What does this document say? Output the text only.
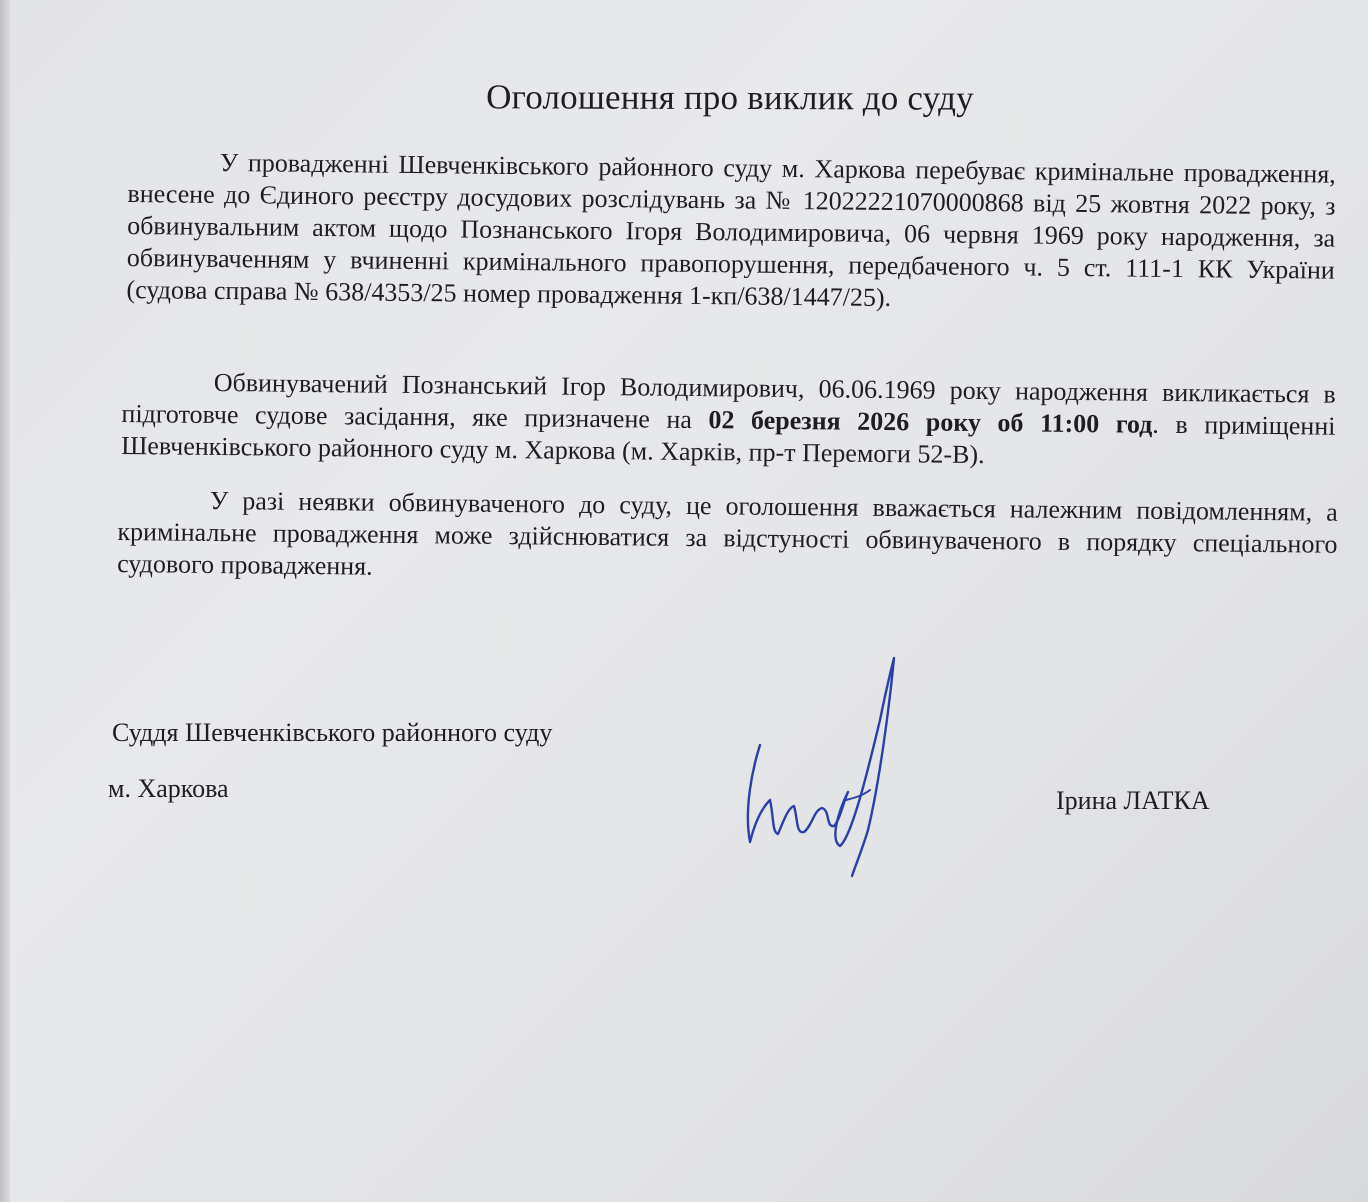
Оголошення про виклик до суду
У провадженні Шевченківського районного суду м. Харкова перебуває кримінальне провадження, внесене до Єдиного реєстру досудових розслідувань за № 12022221070000868 від 25 жовтня 2022 року, з обвинувальним актом щодо Познанського Ігоря Володимировича, 06 червня 1969 року народження, за обвинуваченням у вчиненні кримінального правопорушення, передбаченого ч. 5 ст. 111-1 КК України (судова справа № 638/4353/25 номер провадження 1-кп/638/1447/25).
Обвинувачений Познанський Ігор Володимирович, 06.06.1969 року народження викликається в підготовче судове засідання, яке призначене на 02 березня 2026 року об 11:00 год. в приміщенні Шевченківського районного суду м. Харкова (м. Харків, пр-т Перемоги 52-В).
У разі неявки обвинуваченого до суду, це оголошення вважається належним повідомленням, а кримінальне провадження може здійснюватися за відстуності обвинуваченого в порядку спеціального судового провадження.
Суддя Шевченківського районного суду
м. Харкова	Ірина ЛАТКА
